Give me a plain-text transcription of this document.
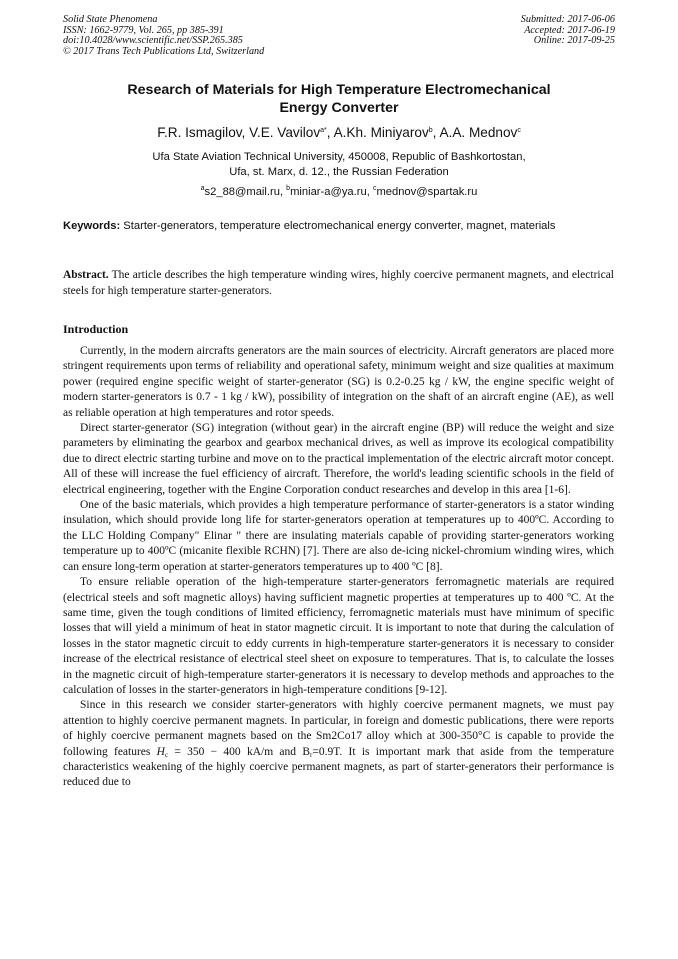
Solid State Phenomena
ISSN: 1662-9779, Vol. 265, pp 385-391
doi:10.4028/www.scientific.net/SSP.265.385
© 2017 Trans Tech Publications Ltd, Switzerland
Submitted: 2017-06-06
Accepted: 2017-06-19
Online: 2017-09-25
Research of Materials for High Temperature Electromechanical
Energy Converter
F.R. Ismagilov, V.E. Vavilov$^{a*}$, A.Kh. Miniyarov$^b$, A.A. Mednov$^c$
Ufa State Aviation Technical University, 450008, Republic of Bashkortostan,
Ufa, st. Marx, d. 12., the Russian Federation
$^a$s2_88@mail.ru, $^b$miniar-a@ya.ru, $^c$mednov@spartak.ru
Keywords: Starter-generators, temperature electromechanical energy converter, magnet, materials
Abstract. The article describes the high temperature winding wires, highly coercive permanent magnets, and electrical steels for high temperature starter-generators.
Introduction

Currently, in the modern aircrafts generators are the main sources of electricity. Aircraft generators are placed more stringent requirements upon terms of reliability and operational safety, minimum weight and size qualities at maximum power (required engine specific weight of starter-generator (SG) is 0.2-0.25 kg / kW, the engine specific weight of modern starter-generators is 0.7 - 1 kg / kW), possibility of integration on the shaft of an aircraft engine (AE), as well as reliable operation at high temperatures and rotor speeds.

Direct starter-generator (SG) integration (without gear) in the aircraft engine (BP) will reduce the weight and size parameters by eliminating the gearbox and gearbox mechanical drives, as well as improve its ecological compatibility due to direct electric starting turbine and move on to the practical implementation of the electric aircraft motor concept. All of these will increase the fuel efficiency of aircraft. Therefore, the world's leading scientific schools in the field of electrical engineering, together with the Engine Corporation conduct researches and develop in this area [1-6].

One of the basic materials, which provides a high temperature performance of starter-generators is a stator winding insulation, which should provide long life for starter-generators operation at temperatures up to 400ºC. According to the LLC Holding Company" Elinar " there are insulating materials capable of providing starter-generators working temperature up to 400ºC (micanite flexible RCHN) [7]. There are also de-icing nickel-chromium winding wires, which can ensure long-term operation at starter-generators temperatures up to 400 ºC [8].

To ensure reliable operation of the high-temperature starter-generators ferromagnetic materials are required (electrical steels and soft magnetic alloys) having sufficient magnetic properties at temperatures up to 400 ºC. At the same time, given the tough conditions of limited efficiency, ferromagnetic materials must have minimum of specific losses that will yield a minimum of heat in stator magnetic circuit. It is important to note that during the calculation of losses in the stator magnetic circuit to eddy currents in high-temperature starter-generators it is necessary to consider increase of the electrical resistance of electrical steel sheet on exposure to temperatures. That is, to calculate the losses in the magnetic circuit of high-temperature starter-generators it is necessary to develop methods and approaches to the calculation of losses in the starter-generators in high-temperature conditions [9-12].

Since in this research we consider starter-generators with highly coercive permanent magnets, we must pay attention to highly coercive permanent magnets. In particular, in foreign and domestic publications, there were reports of highly coercive permanent magnets based on the Sm2Co17 alloy which at 300-350°C is capable to provide the following features $H_c = 350 - 400$ kA/m and $B_r=0.9T$. It is important mark that aside from the temperature characteristics weakening of the highly coercive permanent magnets, as part of starter-generators their performance is reduced due to
